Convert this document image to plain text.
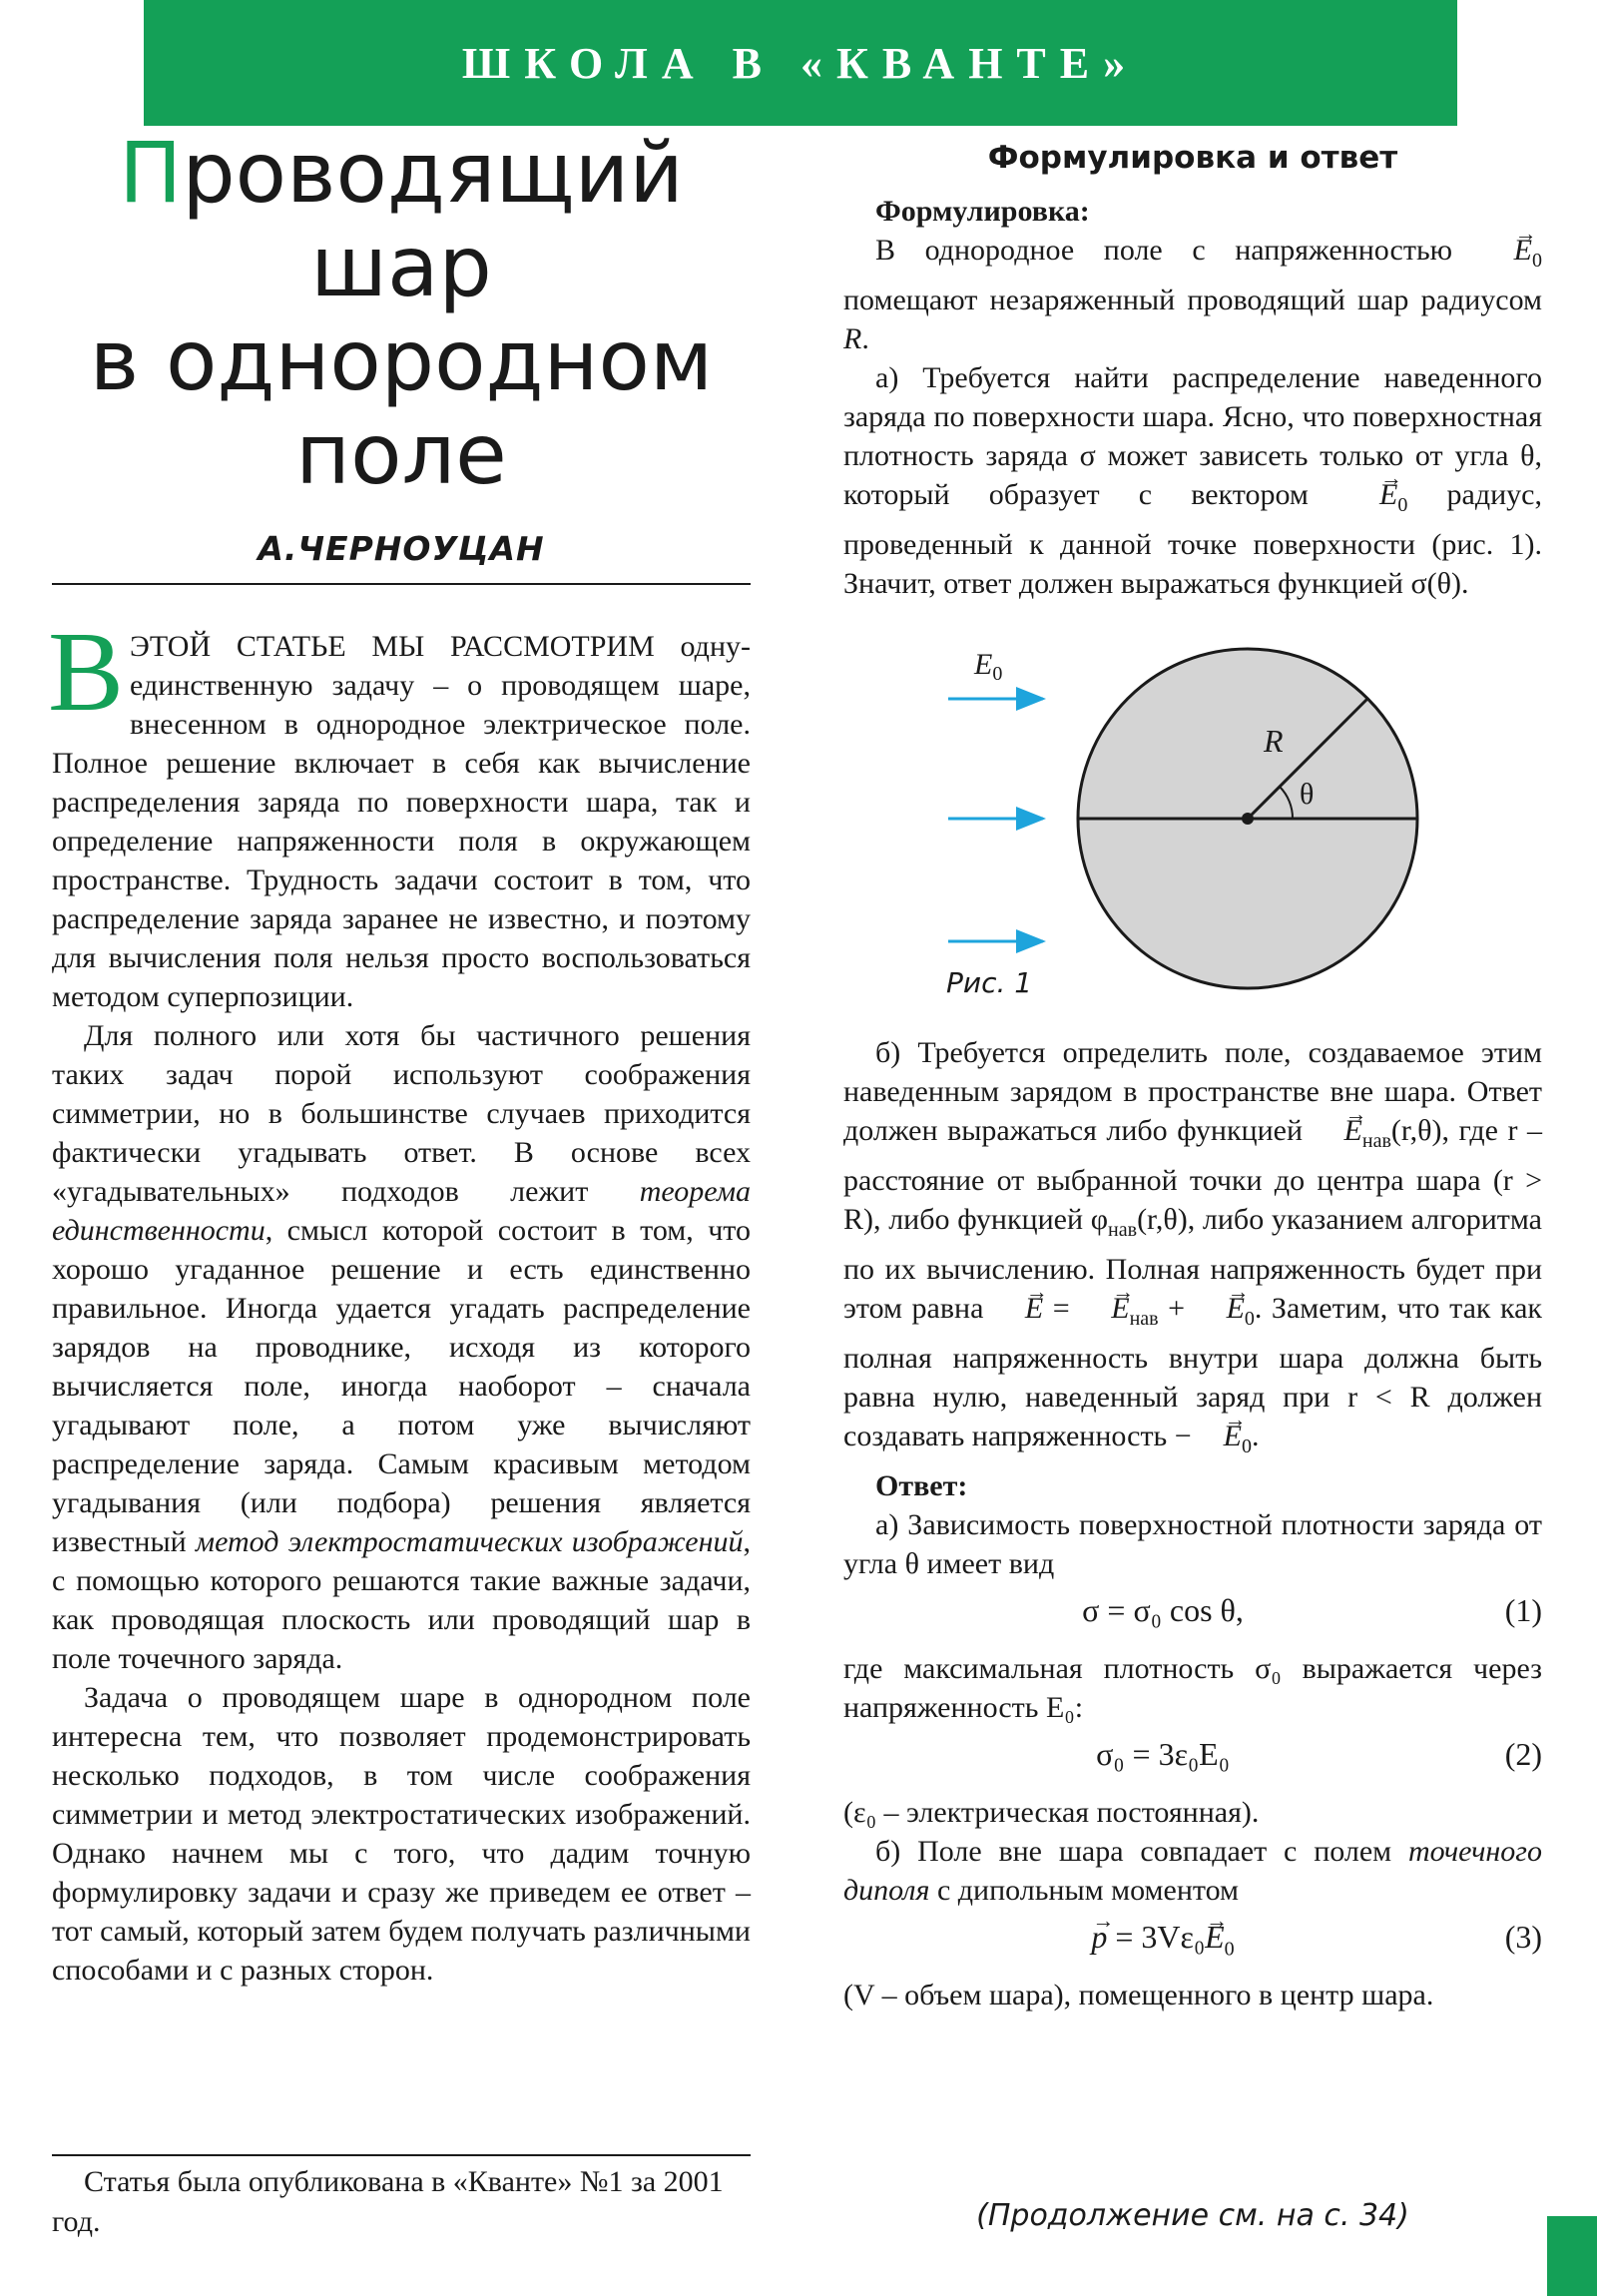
ШКОЛА В «КВАНТЕ»
Проводящий
шар
в однородном
поле
А.ЧЕРНОУЦАН

ВЭТОЙ СТАТЬЕ МЫ РАССМОТРИМ одну-единственную задачу – о проводящем шаре, внесенном в однородное электрическое поле. Полное решение включает в себя как вычисление распределения заряда по поверхности шара, так и определение напряженности поля в окружающем пространстве. Трудность задачи состоит в том, что распределение заряда заранее не известно, и поэтому для вычисления поля нельзя просто воспользоваться методом суперпозиции.

Для полного или хотя бы частичного решения таких задач порой используют соображения симметрии, но в большинстве случаев приходится фактически угадывать ответ. В основе всех «угадывательных» подходов лежит теорема единственности, смысл которой состоит в том, что хорошо угаданное решение и есть единственно правильное. Иногда удается угадать распределение зарядов на проводнике, исходя из которого вычисляется поле, иногда наоборот – сначала угадывают поле, а потом уже вычисляют распределение заряда. Самым красивым методом угадывания (или подбора) решения является известный метод электростатических изображений, с помощью которого решаются такие важные задачи, как проводящая плоскость или проводящий шар в поле точечного заряда.

Задача о проводящем шаре в однородном поле интересна тем, что позволяет продемонстрировать несколько подходов, в том числе соображения симметрии и метод электростатических изображений. Однако начнем мы с того, что дадим точную формулировку задачи и сразу же приведем ее ответ – тот самый, который затем будем получать различными способами и с разных сторон.

Статья была опубликована в «Кванте» №1 за 2001 год.
Формулировка и ответ

Формулировка:

В однородное поле с напряженностью → $E_0$ помещают незаряженный проводящий шар радиусом R.

а) Требуется найти распределение наведенного заряда по поверхности шара. Ясно, что поверхностная плотность заряда σ может зависеть только от угла θ, который образует с вектором → $E_0$ радиус, проведенный к данной точке поверхности (рис. 1). Значит, ответ должен выражаться функцией σ(θ).

$E_0$
R
θ
Рис. 1

б) Требуется определить поле, создаваемое этим наведенным зарядом в пространстве вне шара. Ответ должен выражаться либо функцией → $E_{нав}(r,\theta)$, где r – расстояние от выбранной точки до центра шара (r > R), либо функцией $\varphi_{нав}(r,\theta)$, либо указанием алгоритма по их вычислению. Полная напряженность будет при этом равна → E = → $E_{нав}$ + → $E_0$. Заметим, что так как полная напряженность внутри шара должна быть равна нулю, наведенный заряд при r < R должен создавать напряженность −→ $E_0$.

Ответ:

а) Зависимость поверхностной плотности заряда от угла θ имеет вид

σ = σ₀ cos θ,	(1)

где максимальная плотность σ₀ выражается через напряженность E₀:

σ₀ = 3ε₀E₀	(2)

(ε₀ – электрическая постоянная).

б) Поле вне шара совпадает с полем точечного диполя с дипольным моментом

→ $p = 3V\varepsilon_0\to E_0$	(3)

(V – объем шара), помещенного в центр шара.

(Продолжение см. на с. 34)
